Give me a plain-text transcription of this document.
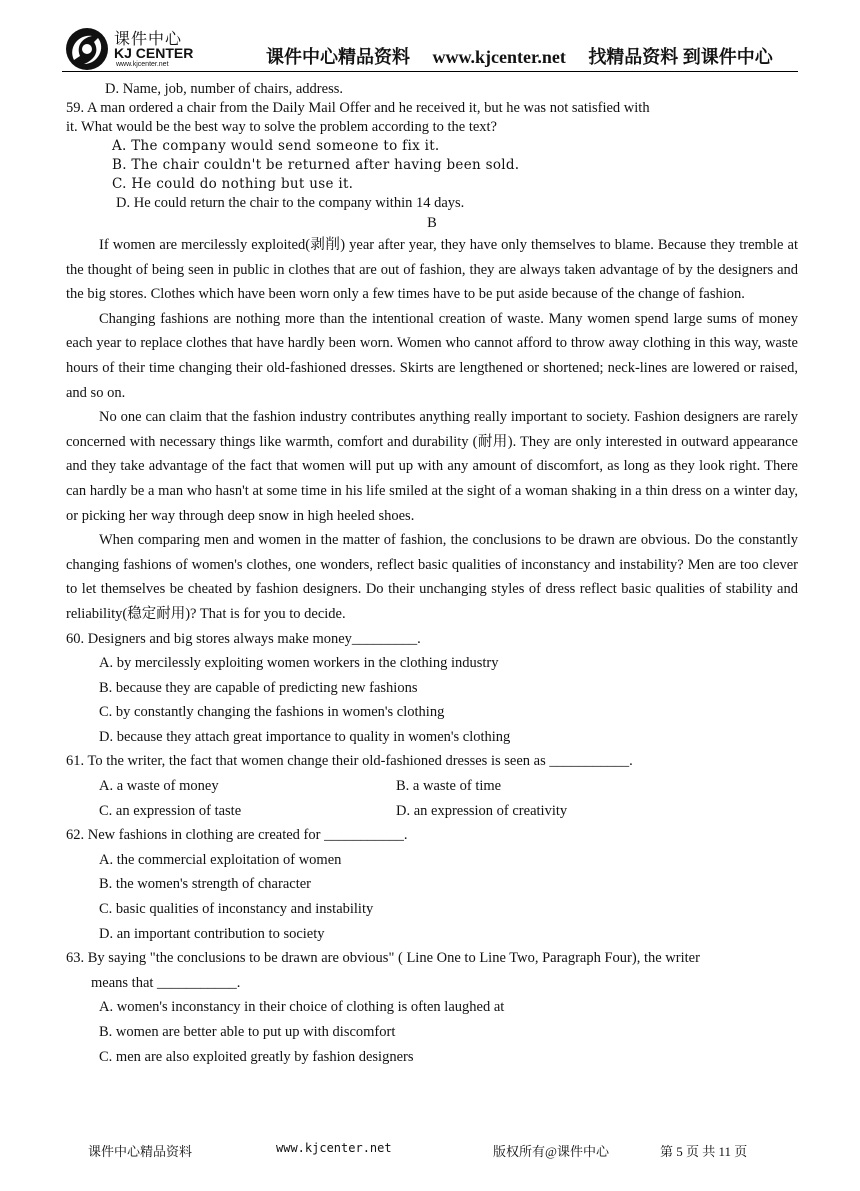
课件中心
KJ CENTER
www.kjcenter.net	课件中心精品资料 www.kjcenter.net 找精品资料 到课件中心
D. Name, job, number of chairs, address.
59. A man ordered a chair from the Daily Mail Offer and he received it, but he was not satisfied with
it. What would be the best way to solve the problem according to the text?
A. The company would send someone to fix it.
B. The chair couldn't be returned after having been sold.
C. He could do nothing but use it.
D. He could return the chair to the company within 14 days.
B
If women are mercilessly exploited(剥削) year after year, they have only themselves to blame. Because they tremble at the thought of being seen in public in clothes that are out of fashion, they are always taken advantage of by the designers and the big stores. Clothes which have been worn only a few times have to be put aside because of the change of fashion.
Changing fashions are nothing more than the intentional creation of waste. Many women spend large sums of money each year to replace clothes that have hardly been worn. Women who cannot afford to throw away clothing in this way, waste hours of their time changing their old-fashioned dresses. Skirts are lengthened or shortened; neck-lines are lowered or raised, and so on.
No one can claim that the fashion industry contributes anything really important to society. Fashion designers are rarely concerned with necessary things like warmth, comfort and durability (耐用). They are only interested in outward appearance and they take advantage of the fact that women will put up with any amount of discomfort, as long as they look right. There can hardly be a man who hasn't at some time in his life smiled at the sight of a woman shaking in a thin dress on a winter day, or picking her way through deep snow in high heeled shoes.
When comparing men and women in the matter of fashion, the conclusions to be drawn are obvious. Do the constantly changing fashions of women's clothes, one wonders, reflect basic qualities of inconstancy and instability? Men are too clever to let themselves be cheated by fashion designers. Do their unchanging styles of dress reflect basic qualities of stability and reliability(稳定耐用)? That is for you to decide.
60. Designers and big stores always make money_________.
A. by mercilessly exploiting women workers in the clothing industry
B. because they are capable of predicting new fashions
C. by constantly changing the fashions in women's clothing
D. because they attach great importance to quality in women's clothing
61. To the writer, the fact that women change their old-fashioned dresses is seen as ___________.
A. a waste of money	B. a waste of time
C. an expression of taste	D. an expression of creativity
62. New fashions in clothing are created for ___________.
A. the commercial exploitation of women
B. the women's strength of character
C. basic qualities of inconstancy and instability
D. an important contribution to society
63. By saying "the conclusions to be drawn are obvious" ( Line One to Line Two, Paragraph Four), the writer
means that ___________.
A. women's inconstancy in their choice of clothing is often laughed at
B. women are better able to put up with discomfort
C. men are also exploited greatly by fashion designers
课件中心精品资料	www.kjcenter.net	版权所有@课件中心	第 5 页 共 11 页
